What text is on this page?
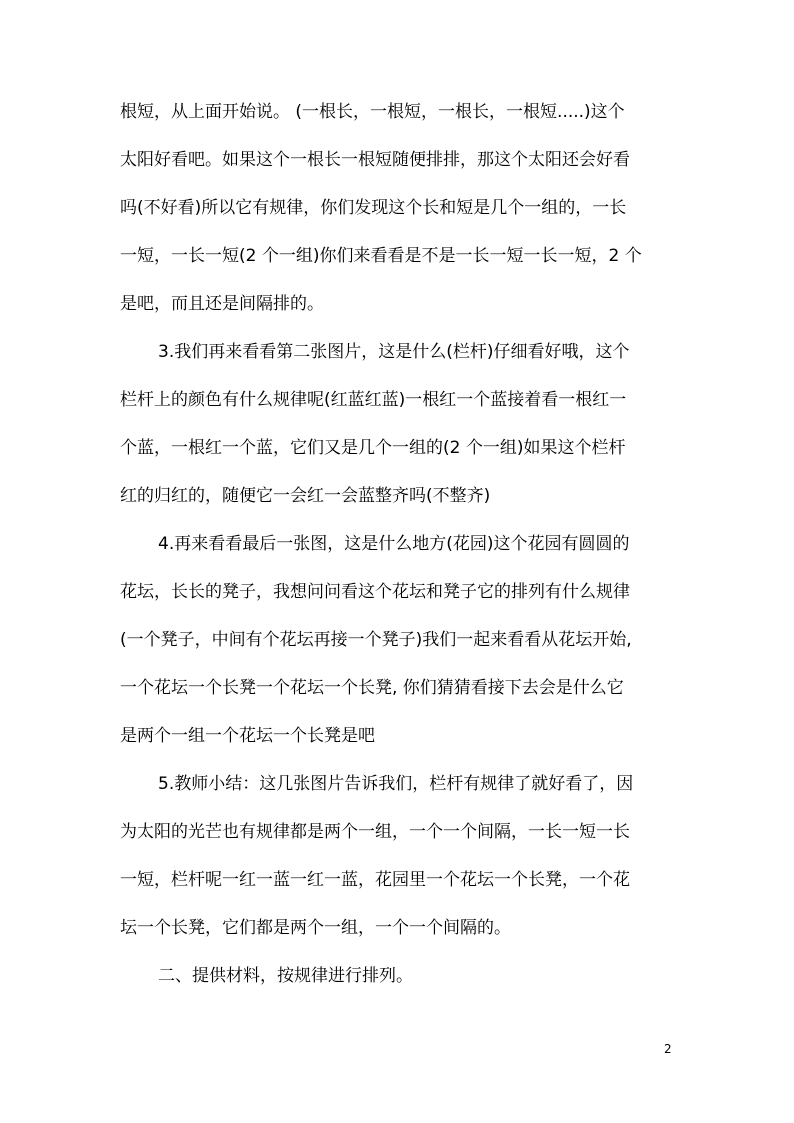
根短，从上面开始说。 (一根长，一根短，一根长，一根短.....)这个
太阳好看吧。如果这个一根长一根短随便排排，那这个太阳还会好看
吗(不好看)所以它有规律，你们发现这个长和短是几个一组的，一长
一短，一长一短(2 个一组)你们来看看是不是一长一短一长一短，2 个
是吧，而且还是间隔排的。
3.我们再来看看第二张图片，这是什么(栏杆)仔细看好哦，这个
栏杆上的颜色有什么规律呢(红蓝红蓝)一根红一个蓝接着看一根红一
个蓝，一根红一个蓝，它们又是几个一组的(2 个一组)如果这个栏杆
红的归红的，随便它一会红一会蓝整齐吗(不整齐)
4.再来看看最后一张图，这是什么地方(花园)这个花园有圆圆的
花坛，长长的凳子，我想问问看这个花坛和凳子它的排列有什么规律
(一个凳子，中间有个花坛再接一个凳子)我们一起来看看从花坛开始,
一个花坛一个长凳一个花坛一个长凳, 你们猜猜看接下去会是什么它
是两个一组一个花坛一个长凳是吧
5.教师小结：这几张图片告诉我们，栏杆有规律了就好看了，因
为太阳的光芒也有规律都是两个一组，一个一个间隔，一长一短一长
一短，栏杆呢一红一蓝一红一蓝，花园里一个花坛一个长凳，一个花
坛一个长凳，它们都是两个一组，一个一个间隔的。
二、提供材料，按规律进行排列。
2
